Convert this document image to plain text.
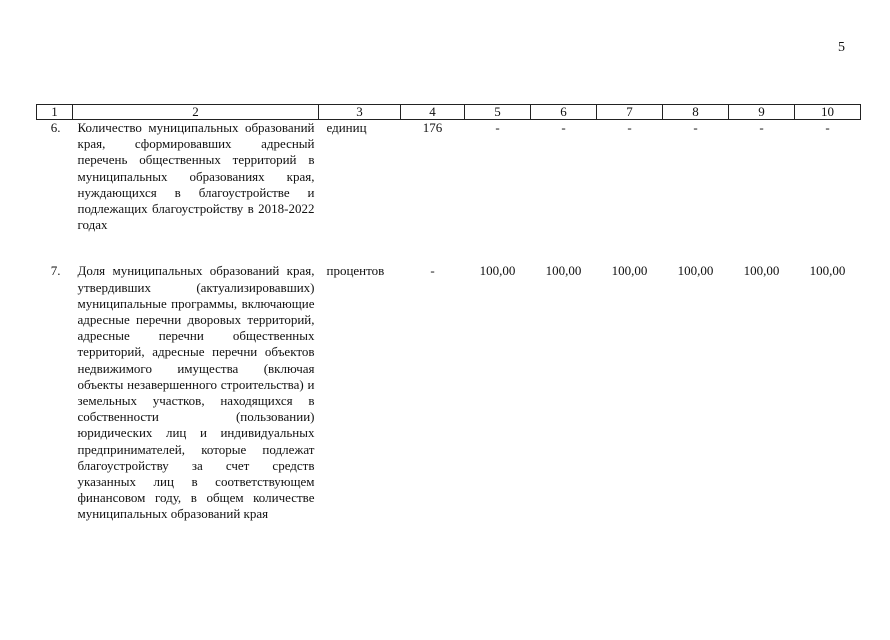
5
1	2	3	4	5	6	7	8	9	10
6.	Количество муниципальных образований края, сформировавших адресный перечень общественных территорий в муниципальных образованиях края, нуждающихся в благоустройстве и подлежащих благоустройству в 2018-2022 годах	единиц	176	-	-	-	-	-	-
7.	Доля муниципальных образований края, утвердивших (актуализировавших) муниципальные программы, включающие адресные перечни дворовых территорий, адресные перечни общественных территорий, адресные перечни объектов недвижимого имущества (включая объекты незавершенного строительства) и земельных участков, находящихся в собственности (пользовании) юридических лиц и индивидуальных предпринимателей, которые подлежат благоустройству за счет средств указанных лиц в соответствующем финансовом году, в общем количестве муниципальных образований края	процентов	-	100,00	100,00	100,00	100,00	100,00	100,00
